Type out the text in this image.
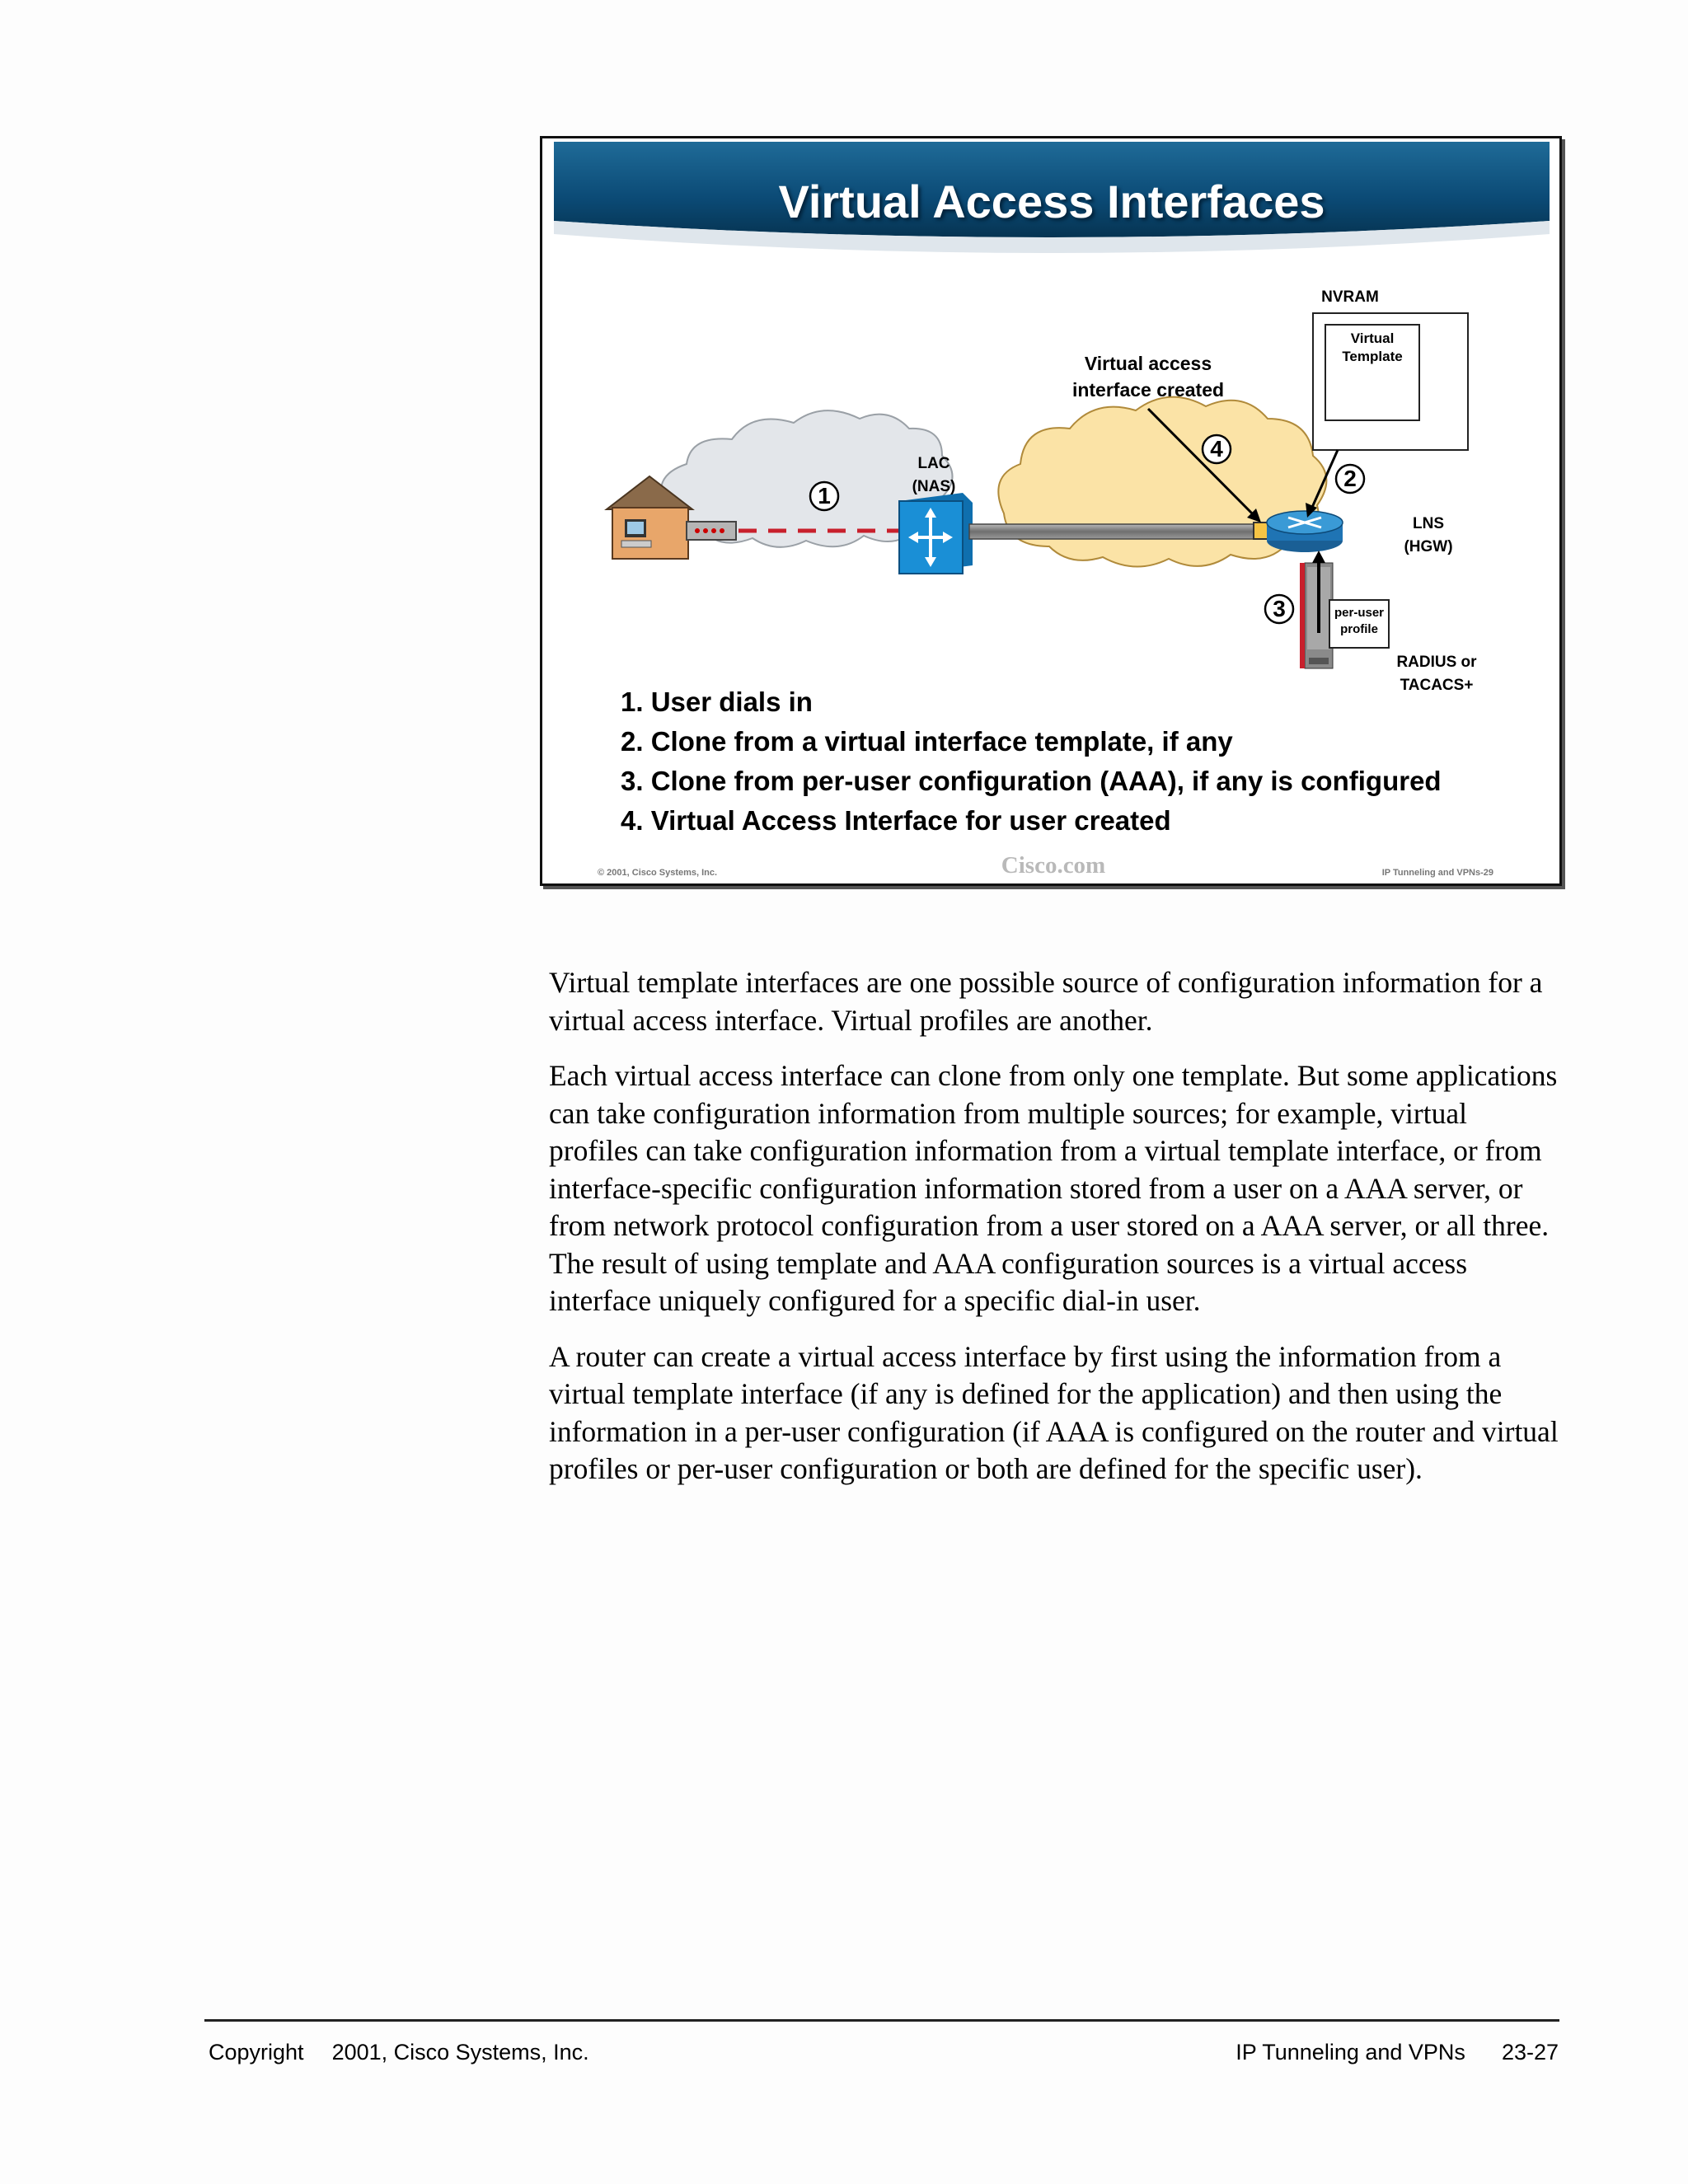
Virtual Access Interfaces
1
2
3
4
NVRAM
Virtual Template
Virtual access
interface created
LAC
(NAS)
LNS
(HGW)
per-user
profile
RADIUS or
TACACS+
1. User dials in
2. Clone from a virtual interface template, if any
3. Clone from per-user configuration (AAA), if any is configured
4. Virtual Access Interface for user created
© 2001, Cisco Systems, Inc.	Cisco.com	IP Tunneling and VPNs-29

Virtual template interfaces are one possible source of configuration information for a virtual access interface. Virtual profiles are another.

Each virtual access interface can clone from only one template. But some applications can take configuration information from multiple sources; for example, virtual profiles can take configuration information from a virtual template interface, or from interface-specific configuration information stored from a user on a AAA server, or from network protocol configuration from a user stored on a AAA server, or all three. The result of using template and AAA configuration sources is a virtual access interface uniquely configured for a specific dial-in user.

A router can create a virtual access interface by first using the information from a virtual template interface (if any is defined for the application) and then using the information in a per-user configuration (if AAA is configured on the router and virtual profiles or per-user configuration or both are defined for the specific user).

Copyright 2001, Cisco Systems, Inc.	IP Tunneling and VPNs 23-27
